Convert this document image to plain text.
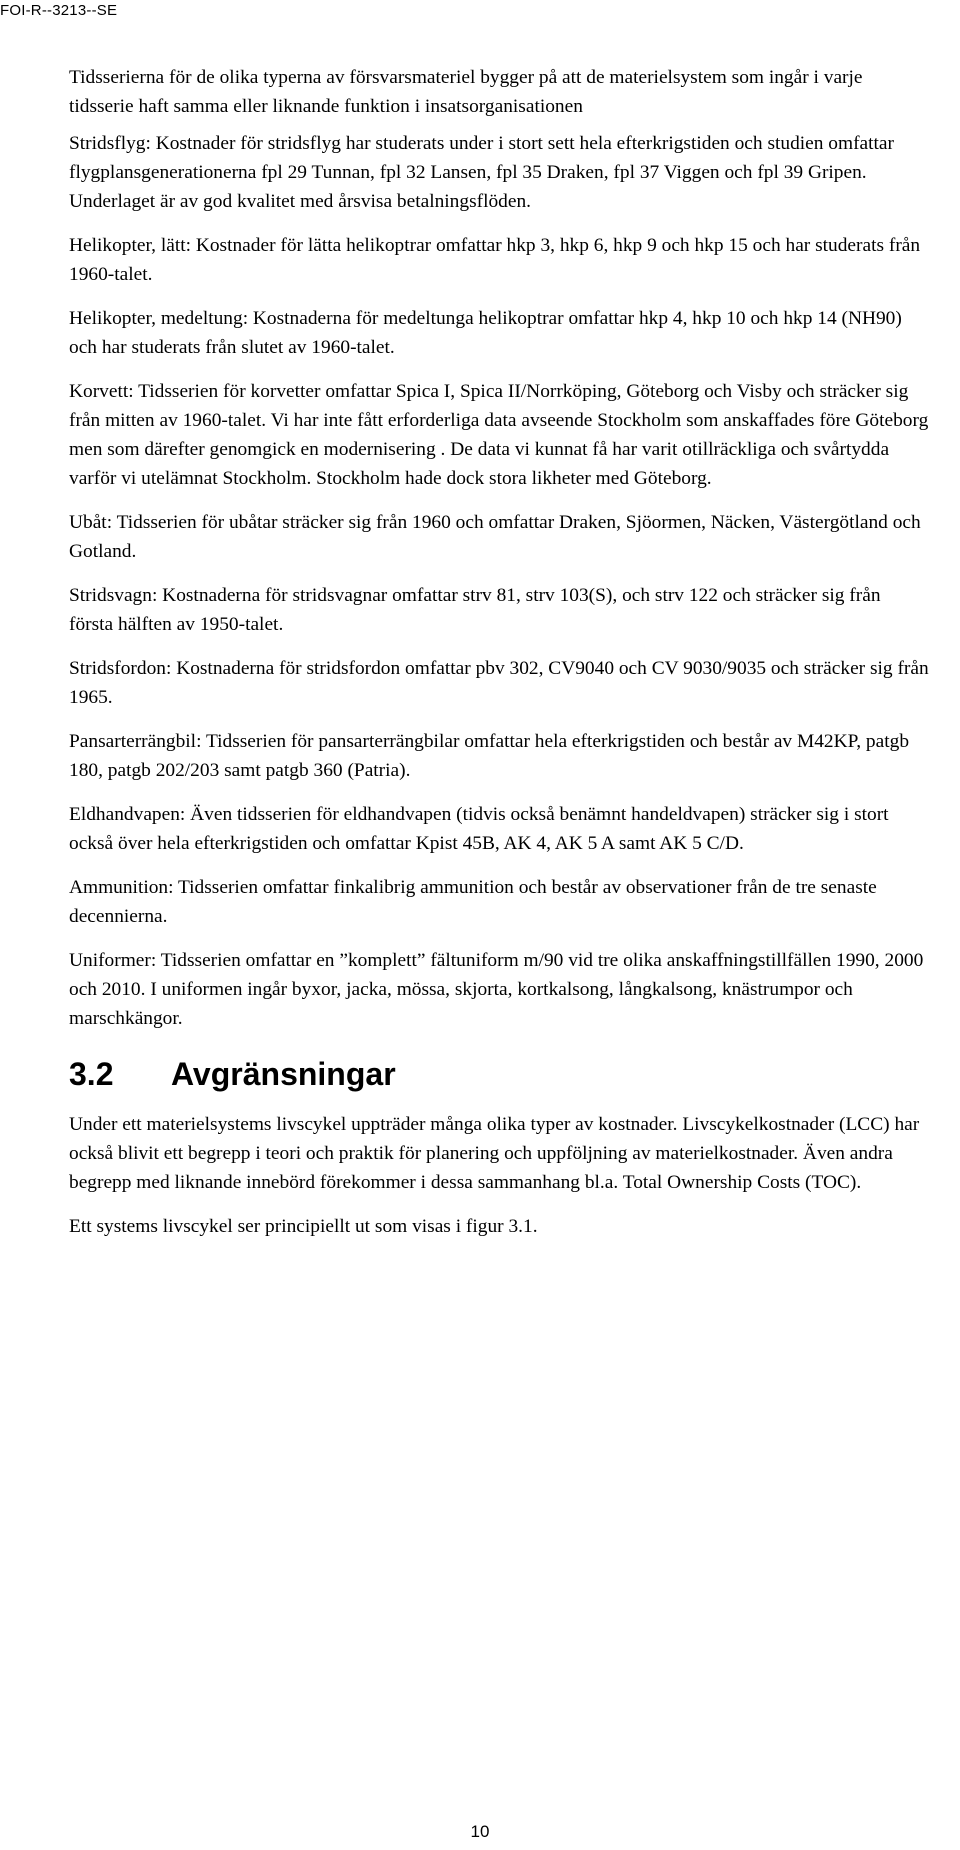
FOI-R--3213--SE

Tidsserierna för de olika typerna av försvarsmateriel bygger på att de materielsystem som ingår i varje tidsserie haft samma eller liknande funktion i insatsorganisationen

Stridsflyg: Kostnader för stridsflyg har studerats under i stort sett hela efterkrigstiden och studien omfattar flygplansgenerationerna fpl 29 Tunnan, fpl 32 Lansen, fpl 35 Draken, fpl 37 Viggen och fpl 39 Gripen. Underlaget är av god kvalitet med årsvisa betalningsflöden.

Helikopter, lätt: Kostnader för lätta helikoptrar omfattar hkp 3, hkp 6, hkp 9 och hkp 15 och har studerats från 1960-talet.

Helikopter, medeltung: Kostnaderna för medeltunga helikoptrar omfattar hkp 4, hkp 10 och hkp 14 (NH90) och har studerats från slutet av 1960-talet.

Korvett: Tidsserien för korvetter omfattar Spica I, Spica II/Norrköping, Göteborg och Visby och sträcker sig från mitten av 1960-talet. Vi har inte fått erforderliga data avseende Stockholm som anskaffades före Göteborg men som därefter genomgick en modernisering . De data vi kunnat få har varit otillräckliga och svårtydda varför vi utelämnat Stockholm. Stockholm hade dock stora likheter med Göteborg.

Ubåt: Tidsserien för ubåtar sträcker sig från 1960 och omfattar Draken, Sjöormen, Näcken, Västergötland och Gotland.

Stridsvagn: Kostnaderna för stridsvagnar omfattar strv 81, strv 103(S), och strv 122 och sträcker sig från första hälften av 1950-talet.

Stridsfordon: Kostnaderna för stridsfordon omfattar pbv 302, CV9040 och CV 9030/9035 och sträcker sig från 1965.

Pansarterrängbil: Tidsserien för pansarterrängbilar omfattar hela efterkrigstiden och består av M42KP, patgb 180, patgb 202/203 samt patgb 360 (Patria).

Eldhandvapen: Även tidsserien för eldhandvapen (tidvis också benämnt handeldvapen) sträcker sig i stort också över hela efterkrigstiden och omfattar Kpist 45B, AK 4, AK 5 A samt AK 5 C/D.

Ammunition: Tidsserien omfattar finkalibrig ammunition och består av observationer från de tre senaste decennierna.

Uniformer: Tidsserien omfattar en ”komplett” fältuniform m/90 vid tre olika anskaffningstillfällen 1990, 2000 och 2010. I uniformen ingår byxor, jacka, mössa, skjorta, kortkalsong, långkalsong, knästrumpor och marschkängor.

3.2	Avgränsningar

Under ett materielsystems livscykel uppträder många olika typer av kostnader. Livscykelkostnader (LCC) har också blivit ett begrepp i teori och praktik för planering och uppföljning av materielkostnader. Även andra begrepp med liknande innebörd förekommer i dessa sammanhang bl.a. Total Ownership Costs (TOC).

Ett systems livscykel ser principiellt ut som visas i figur 3.1.

10
